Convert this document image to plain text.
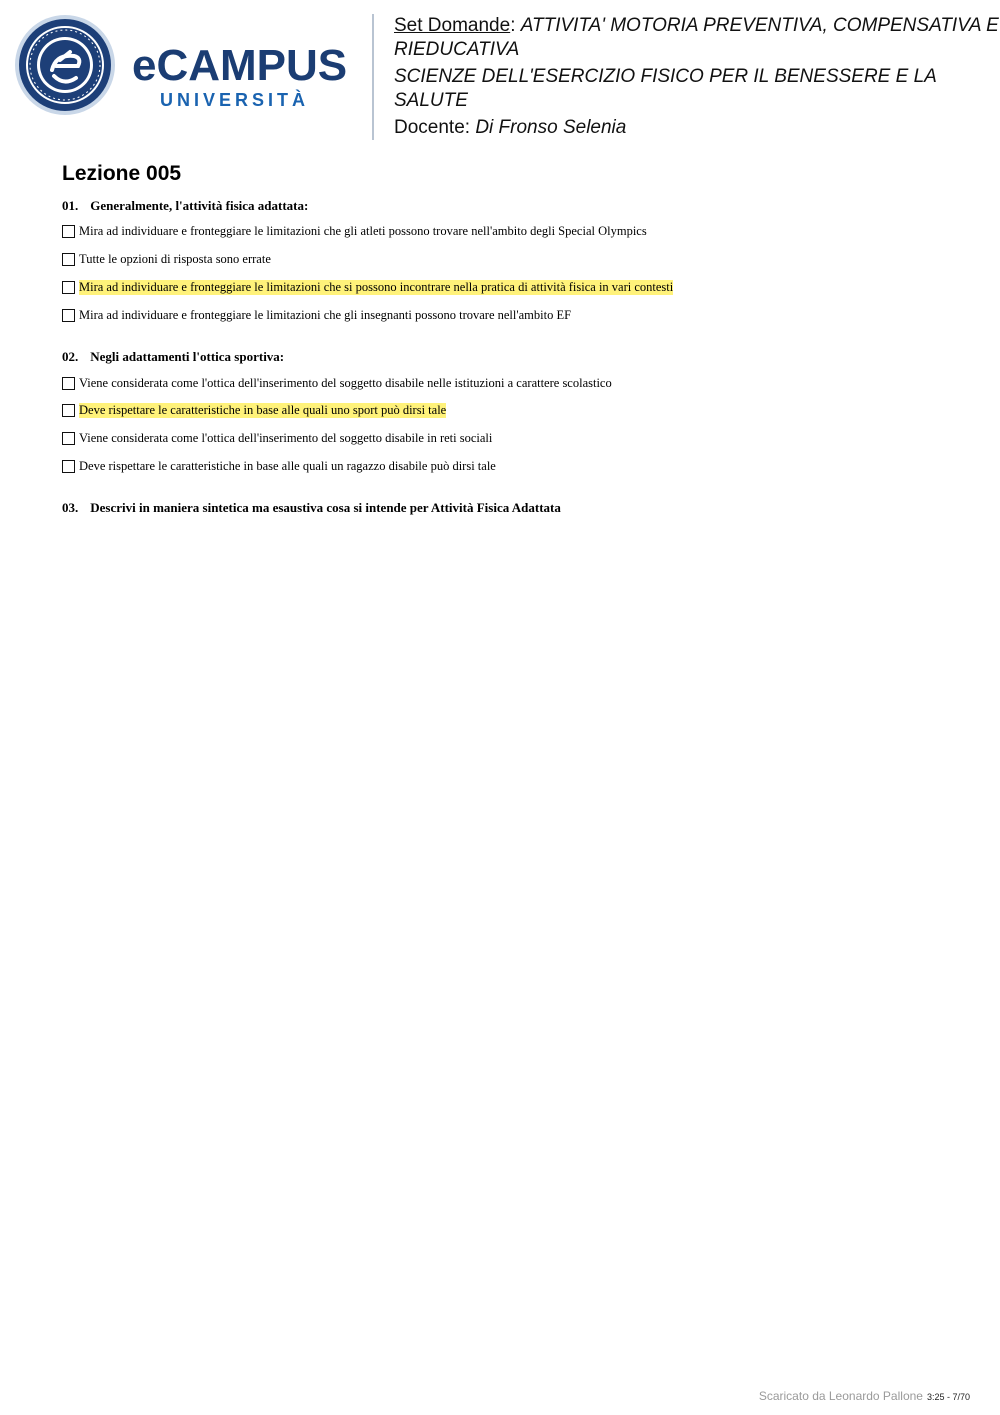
eCAMPUS
UNIVERSITÀ
Set Domande: ATTIVITA' MOTORIA PREVENTIVA, COMPENSATIVA E
RIEDUCATIVA
SCIENZE DELL'ESERCIZIO FISICO PER IL BENESSERE E LA
SALUTE
Docente: Di Fronso Selenia
Lezione 005
01. Generalmente, l'attività fisica adattata:
Mira ad individuare e fronteggiare le limitazioni che gli atleti possono trovare nell'ambito degli Special Olympics
Tutte le opzioni di risposta sono errate
Mira ad individuare e fronteggiare le limitazioni che si possono incontrare nella pratica di attività fisica in vari contesti
Mira ad individuare e fronteggiare le limitazioni che gli insegnanti possono trovare nell'ambito EF
02. Negli adattamenti l'ottica sportiva:
Viene considerata come l'ottica dell'inserimento del soggetto disabile nelle istituzioni a carattere scolastico
Deve rispettare le caratteristiche in base alle quali uno sport può dirsi tale
Viene considerata come l'ottica dell'inserimento del soggetto disabile in reti sociali
Deve rispettare le caratteristiche in base alle quali un ragazzo disabile può dirsi tale
03. Descrivi in maniera sintetica ma esaustiva cosa si intende per Attività Fisica Adattata
Scaricato da Leonardo Pallone 3:25 - 7/70
